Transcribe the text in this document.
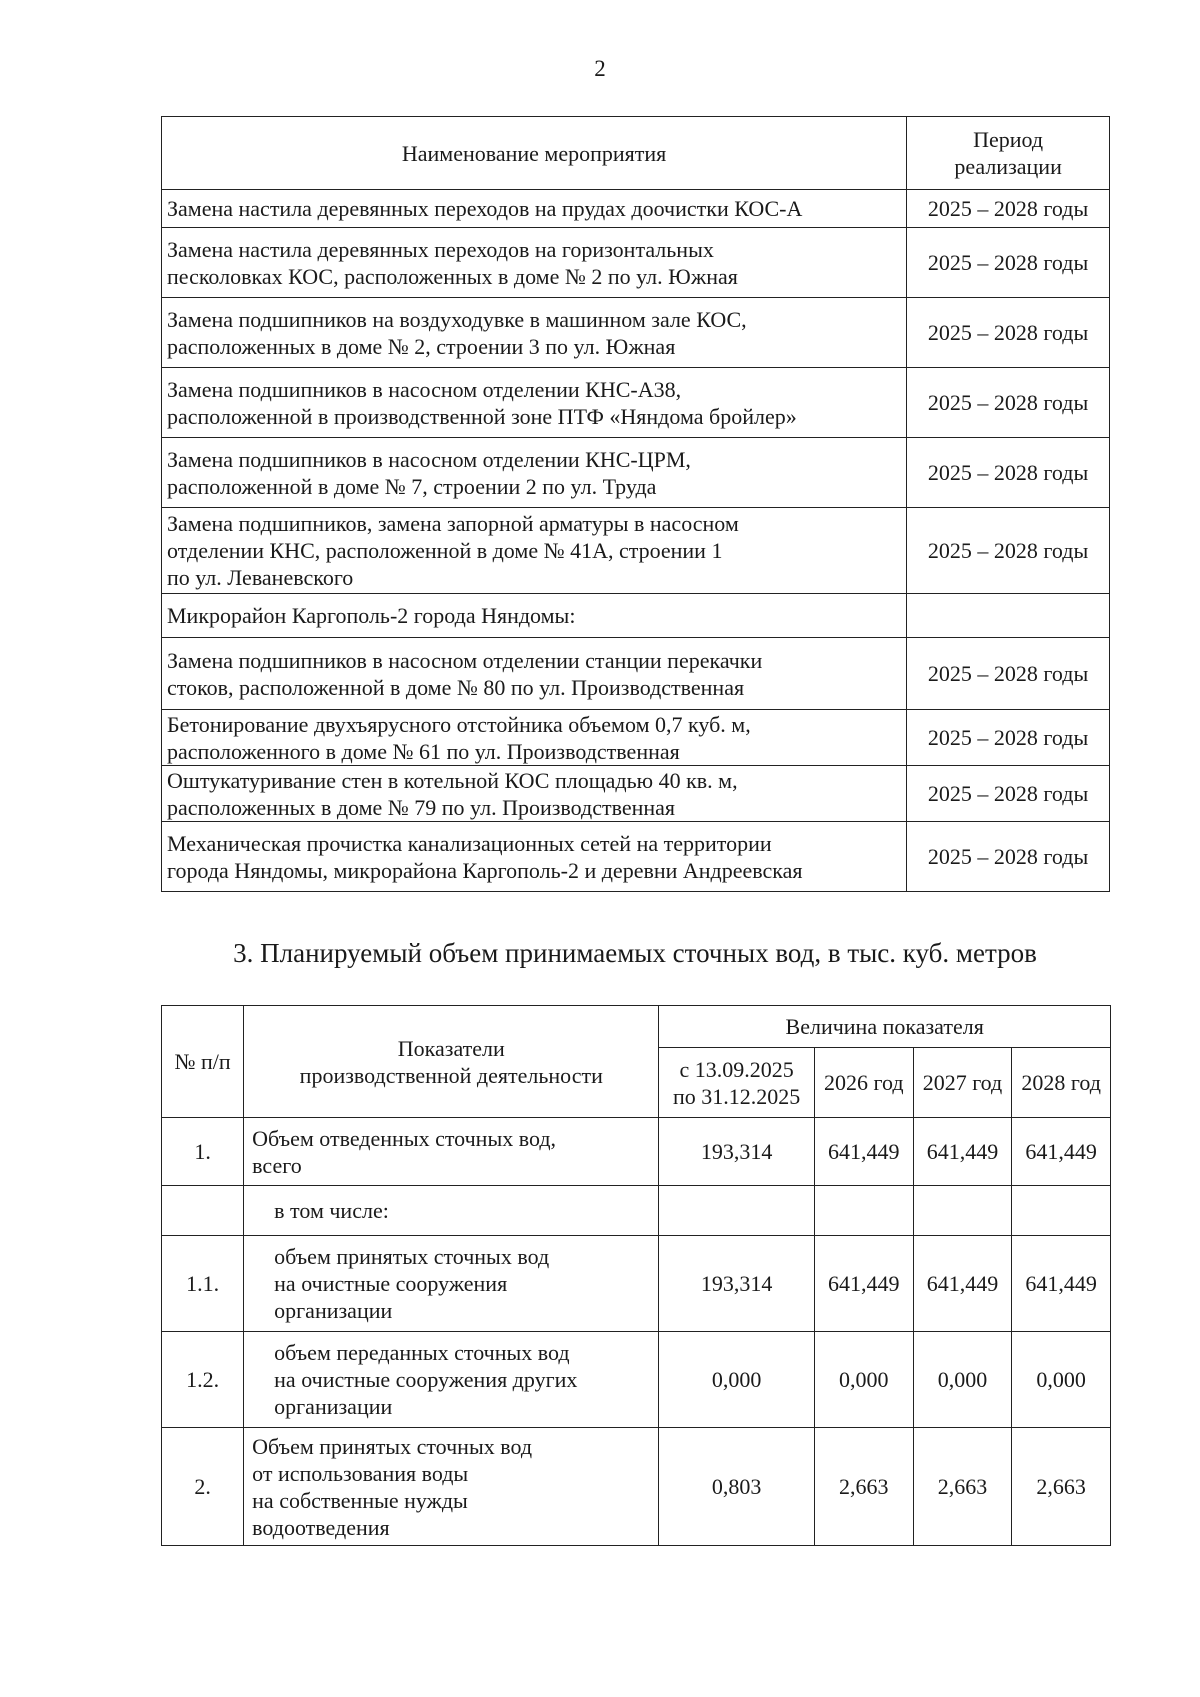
2
Наименование мероприятия	Период
реализации

Замена настила деревянных переходов на прудах доочистки КОС-А	2025 – 2028 годы

Замена настила деревянных переходов на горизонтальных
песколовках КОС, расположенных в доме № 2 по ул. Южная	2025 – 2028 годы

Замена подшипников на воздуходувке в машинном зале КОС,
расположенных в доме № 2, строении 3 по ул. Южная	2025 – 2028 годы

Замена подшипников в насосном отделении КНС-А38,
расположенной в производственной зоне ПТФ «Няндома бройлер»	2025 – 2028 годы

Замена подшипников в насосном отделении КНС-ЦРМ,
расположенной в доме № 7, строении 2 по ул. Труда	2025 – 2028 годы

Замена подшипников, замена запорной арматуры в насосном
отделении КНС, расположенной в доме № 41А, строении 1
по ул. Леваневского	2025 – 2028 годы

Микрорайон Каргополь-2 города Няндомы:	

Замена подшипников в насосном отделении станции перекачки
стоков, расположенной в доме № 80 по ул. Производственная	2025 – 2028 годы

Бетонирование двухъярусного отстойника объемом 0,7 куб. м,
расположенного в доме № 61 по ул. Производственная	2025 – 2028 годы

Оштукатуривание стен в котельной КОС площадью 40 кв. м,
расположенных в доме № 79 по ул. Производственная	2025 – 2028 годы

Механическая прочистка канализационных сетей на территории
города Няндомы, микрорайона Каргополь-2 и деревни Андреевская	2025 – 2028 годы
3. Планируемый объем принимаемых сточных вод, в тыс. куб. метров
№ п/п	Показатели
производственной деятельности	Величина показателя			

		с 13.09.2025
по 31.12.2025	2026 год	2027 год	2028 год
1.	Объем отведенных сточных вод,
всего	193,314	641,449	641,449	641,449

	в том числе:				

1.1.	объем принятых сточных вод
на очистные сооружения
организации	193,314	641,449	641,449	641,449
1.2.	объем переданных сточных вод
на очистные сооружения других
организации	0,000	0,000	0,000	0,000
2.	Объем принятых сточных вод
от использования воды
на собственные нужды
водоотведения	0,803	2,663	2,663	2,663
